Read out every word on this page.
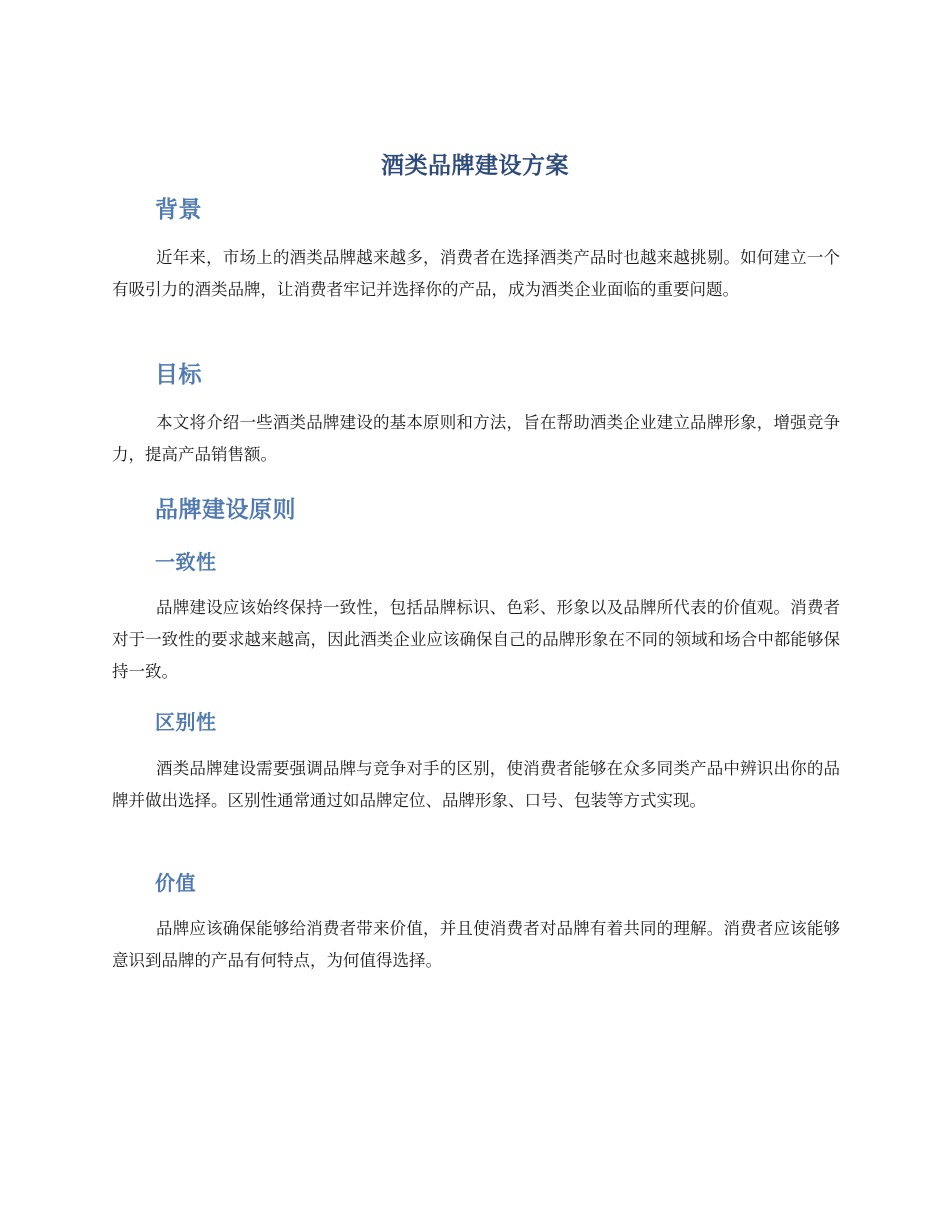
酒类品牌建设方案
背景
近年来，市场上的酒类品牌越来越多，消费者在选择酒类产品时也越来越挑剔。如何建立一个有吸引力的酒类品牌，让消费者牢记并选择你的产品，成为酒类企业面临的重要问题。
目标
本文将介绍一些酒类品牌建设的基本原则和方法，旨在帮助酒类企业建立品牌形象，增强竞争力，提高产品销售额。
品牌建设原则
一致性
品牌建设应该始终保持一致性，包括品牌标识、色彩、形象以及品牌所代表的价值观。消费者对于一致性的要求越来越高，因此酒类企业应该确保自己的品牌形象在不同的领域和场合中都能够保持一致。
区别性
酒类品牌建设需要强调品牌与竞争对手的区别，使消费者能够在众多同类产品中辨识出你的品牌并做出选择。区别性通常通过如品牌定位、品牌形象、口号、包装等方式实现。
价值
品牌应该确保能够给消费者带来价值，并且使消费者对品牌有着共同的理解。消费者应该能够意识到品牌的产品有何特点，为何值得选择。
